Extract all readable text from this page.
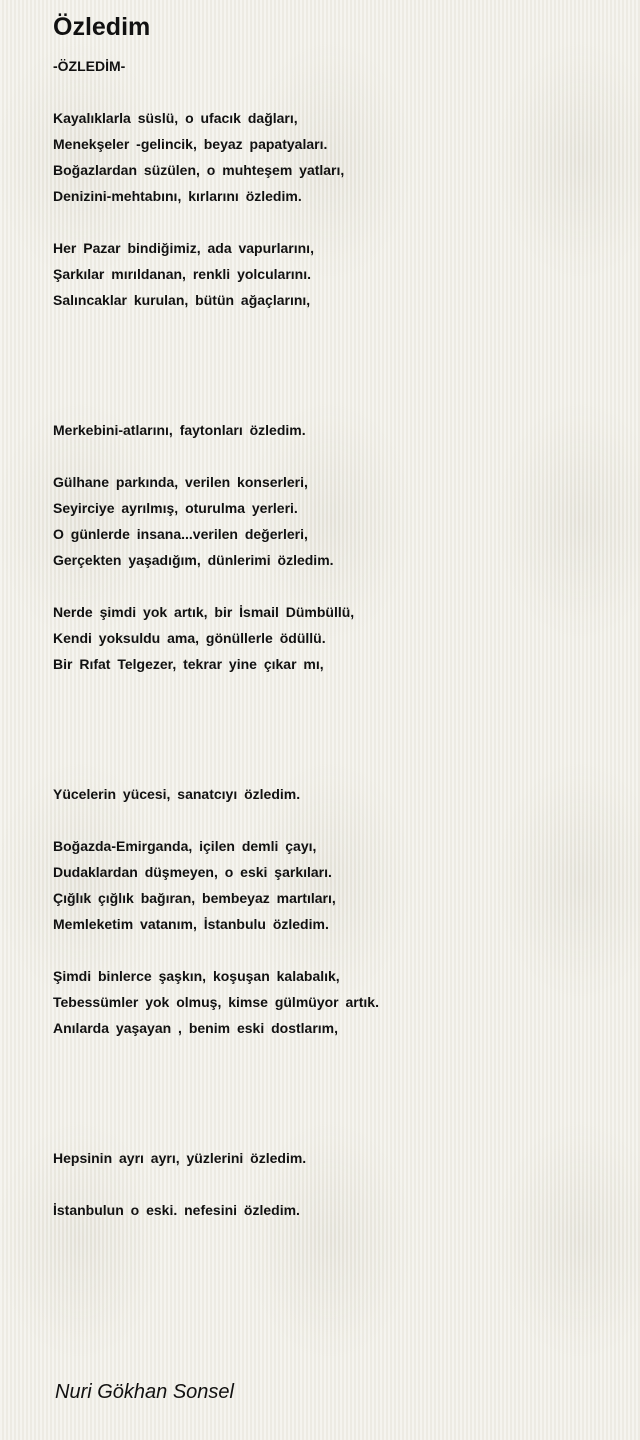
Özledim
-ÖZLEDİM-
Kayalıklarla süslü, o ufacık dağları,
Menekşeler -gelincik, beyaz papatyaları.
Boğazlardan süzülen, o muhteşem yatları,
Denizini-mehtabını, kırlarını özledim.
Her Pazar bindiğimiz, ada vapurlarını,
Şarkılar mırıldanan, renkli yolcularını.
Salıncaklar kurulan, bütün ağaçlarını,
Merkebini-atlarını, faytonları özledim.
Gülhane parkında, verilen konserleri,
Seyirciye ayrılmış, oturulma yerleri.
O günlerde insana...verilen değerleri,
Gerçekten yaşadığım, dünlerimi özledim.
Nerde şimdi yok artık, bir İsmail Dümbüllü,
Kendi yoksuldu ama, gönüllerle ödüllü.
Bir Rıfat Telgezer, tekrar yine çıkar mı,
Yücelerin yücesi, sanatcıyı özledim.
Boğazda-Emirganda, içilen demli çayı,
Dudaklardan düşmeyen, o eski şarkıları.
Çığlık çığlık bağıran, bembeyaz martıları,
Memleketim vatanım, İstanbulu özledim.
Şimdi binlerce şaşkın, koşuşan kalabalık,
Tebessümler yok olmuş, kimse gülmüyor artık.
Anılarda yaşayan , benim eski dostlarım,
Hepsinin ayrı ayrı, yüzlerini özledim.
İstanbulun o eski. nefesini özledim.
Nuri Gökhan Sonsel
